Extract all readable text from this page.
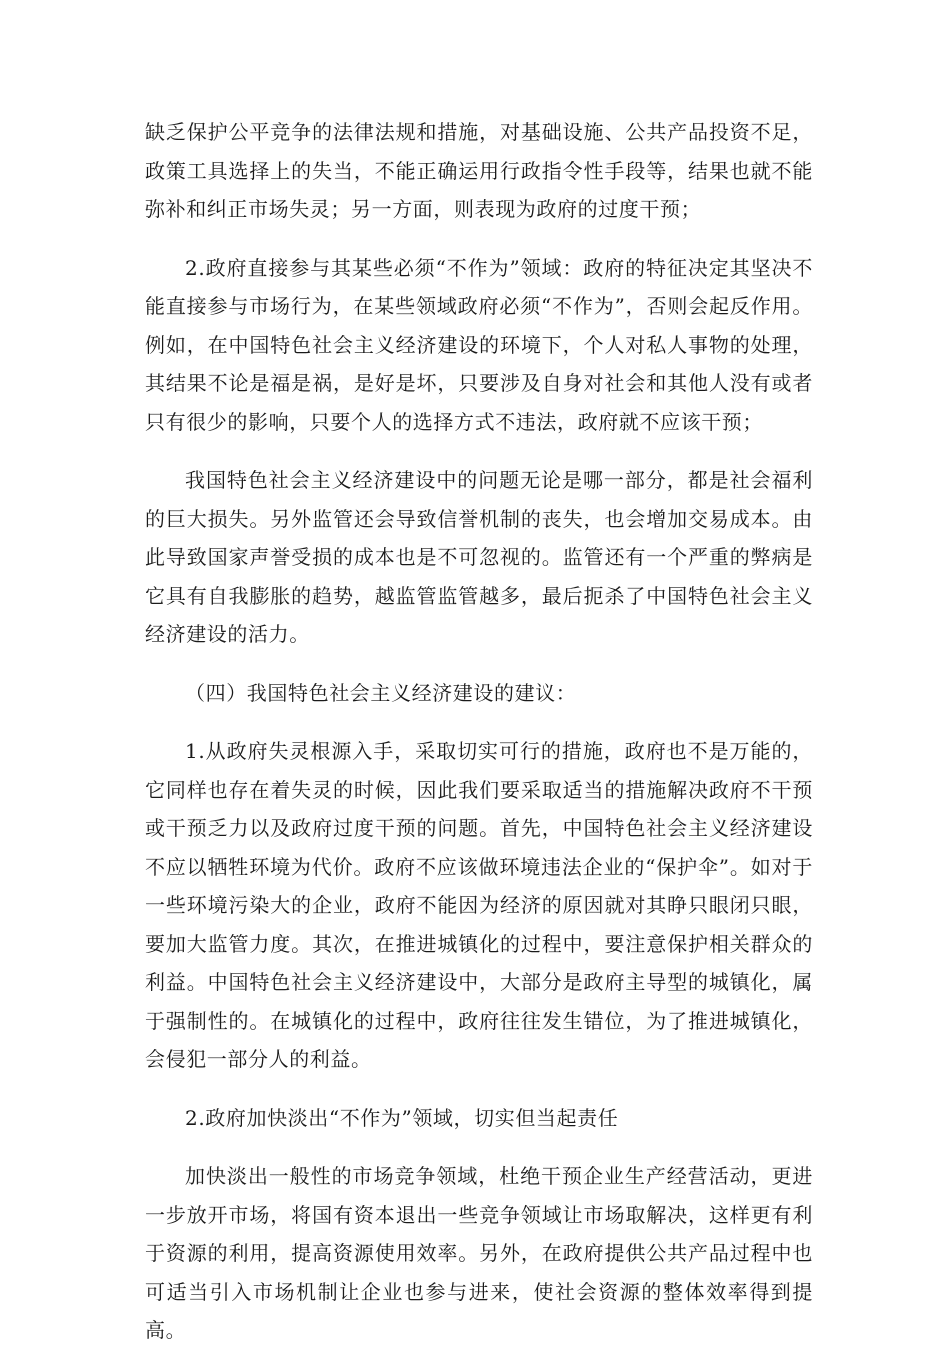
缺乏保护公平竞争的法律法规和措施，对基础设施、公共产品投资不足，政策工具选择上的失当，不能正确运用行政指令性手段等，结果也就不能弥补和纠正市场失灵；另一方面，则表现为政府的过度干预；

2.政府直接参与其某些必须“不作为”领域：政府的特征决定其坚决不能直接参与市场行为，在某些领域政府必须“不作为”，否则会起反作用。例如，在中国特色社会主义经济建设的环境下，个人对私人事物的处理，其结果不论是福是祸，是好是坏，只要涉及自身对社会和其他人没有或者只有很少的影响，只要个人的选择方式不违法，政府就不应该干预；

我国特色社会主义经济建设中的问题无论是哪一部分，都是社会福利的巨大损失。另外监管还会导致信誉机制的丧失，也会增加交易成本。由此导致国家声誉受损的成本也是不可忽视的。监管还有一个严重的弊病是它具有自我膨胀的趋势，越监管监管越多，最后扼杀了中国特色社会主义经济建设的活力。

（四）我国特色社会主义经济建设的建议：

1.从政府失灵根源入手，采取切实可行的措施，政府也不是万能的，它同样也存在着失灵的时候，因此我们要采取适当的措施解决政府不干预或干预乏力以及政府过度干预的问题。首先，中国特色社会主义经济建设不应以牺牲环境为代价。政府不应该做环境违法企业的“保护伞”。如对于一些环境污染大的企业，政府不能因为经济的原因就对其睁只眼闭只眼，要加大监管力度。其次，在推进城镇化的过程中，要注意保护相关群众的利益。中国特色社会主义经济建设中，大部分是政府主导型的城镇化，属于强制性的。在城镇化的过程中，政府往往发生错位，为了推进城镇化，会侵犯一部分人的利益。

2.政府加快淡出“不作为”领域，切实但当起责任

加快淡出一般性的市场竞争领域，杜绝干预企业生产经营活动，更进一步放开市场，将国有资本退出一些竞争领域让市场取解决，这样更有利于资源的利用，提高资源使用效率。另外，在政府提供公共产品过程中也可适当引入市场机制让企业也参与进来，使社会资源的整体效率得到提高。
